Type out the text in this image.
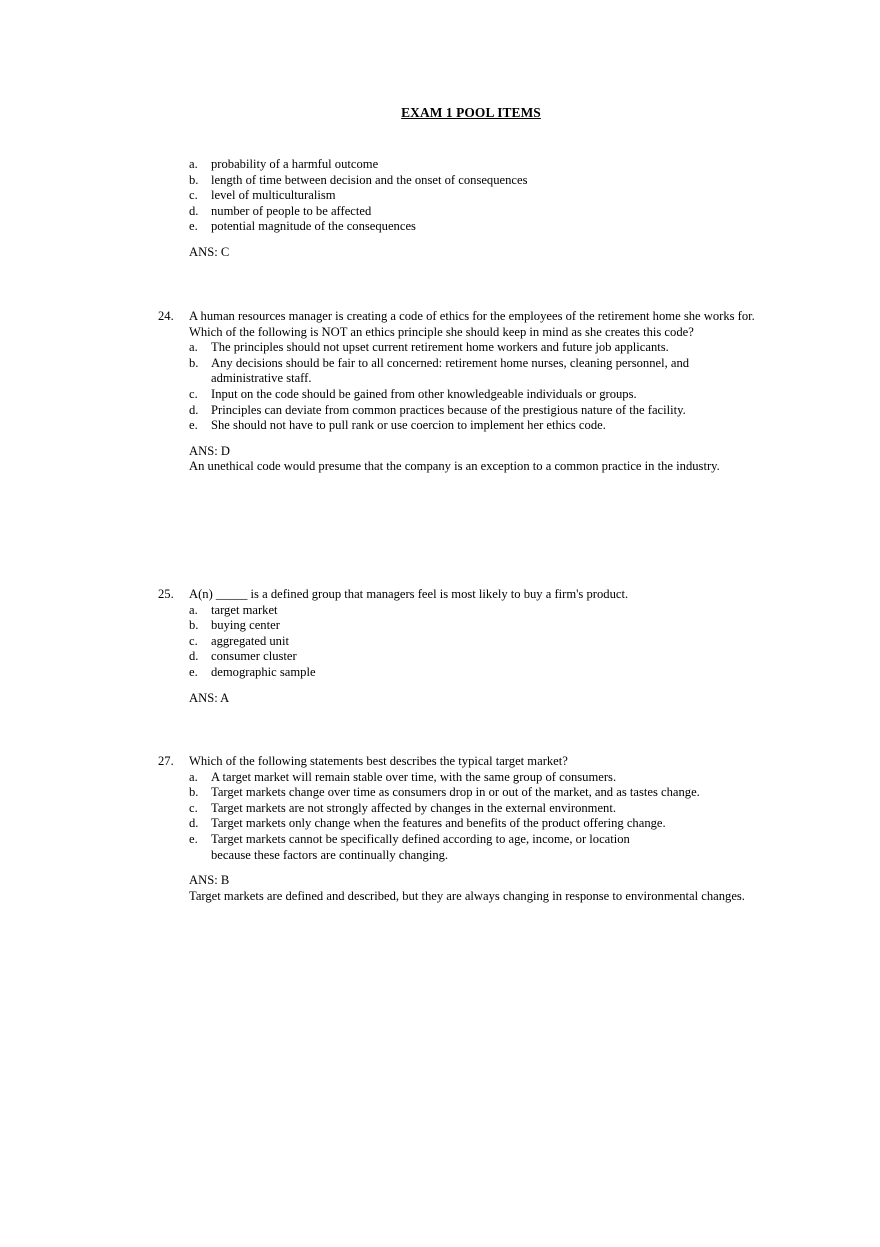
EXAM 1 POOL ITEMS
a. probability of a harmful outcome
b. length of time between decision and the onset of consequences
c. level of multiculturalism
d. number of people to be affected
e. potential magnitude of the consequences
ANS: C
24. A human resources manager is creating a code of ethics for the employees of the retirement home she works for. Which of the following is NOT an ethics principle she should keep in mind as she creates this code?
a. The principles should not upset current retirement home workers and future job applicants.
b. Any decisions should be fair to all concerned: retirement home nurses, cleaning personnel, and administrative staff.
c. Input on the code should be gained from other knowledgeable individuals or groups.
d. Principles can deviate from common practices because of the prestigious nature of the facility.
e. She should not have to pull rank or use coercion to implement her ethics code.
ANS: D
An unethical code would presume that the company is an exception to a common practice in the industry.
25. A(n) _____ is a defined group that managers feel is most likely to buy a firm's product.
a. target market
b. buying center
c. aggregated unit
d. consumer cluster
e. demographic sample
ANS: A
27. Which of the following statements best describes the typical target market?
a. A target market will remain stable over time, with the same group of consumers.
b. Target markets change over time as consumers drop in or out of the market, and as tastes change.
c. Target markets are not strongly affected by changes in the external environment.
d. Target markets only change when the features and benefits of the product offering change.
e. Target markets cannot be specifically defined according to age, income, or location because these factors are continually changing.
ANS: B
Target markets are defined and described, but they are always changing in response to environmental changes.
